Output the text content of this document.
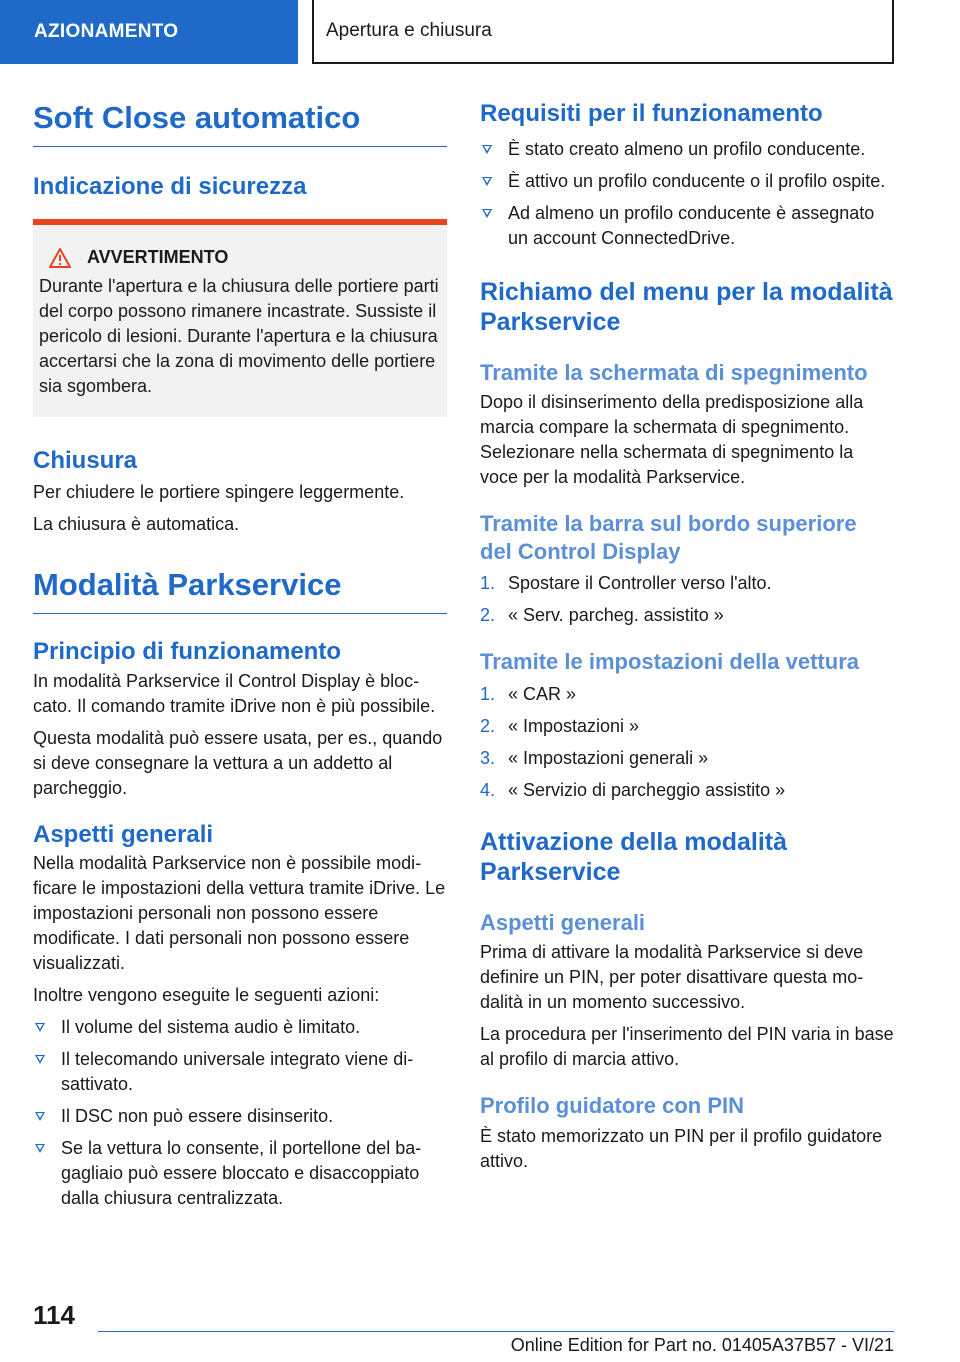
AZIONAMENTO	Apertura e chiusura
Soft Close automatico
Indicazione di sicurezza
AVVERTIMENTO

Durante l'apertura e la chiusura delle portiere parti del corpo possono rimanere incastrate. Sussiste il pericolo di lesioni. Durante l'apertura e la chiusura accertarsi che la zona di movimento delle portiere sia sgombera.

Chiusura

Per chiudere le portiere spingere leggermente.

La chiusura è automatica.

Modalità Parkservice
Principio di funzionamento

In modalità Parkservice il Control Display è bloccato. Il comando tramite iDrive non è più possibile.

Questa modalità può essere usata, per es., quando si deve consegnare la vettura a un addetto al parcheggio.

Aspetti generali

Nella modalità Parkservice non è possibile modificare le impostazioni della vettura tramite iDrive. Le impostazioni personali non possono essere modificate. I dati personali non possono essere visualizzati.

Inoltre vengono eseguite le seguenti azioni:

Il volume del sistema audio è limitato.
Il telecomando universale integrato viene disattivato.
Il DSC non può essere disinserito.
Se la vettura lo consente, il portellone del bagagliaio può essere bloccato e disaccoppiato dalla chiusura centralizzata.
Requisiti per il funzionamento
È stato creato almeno un profilo conducente.
È attivo un profilo conducente o il profilo ospite.
Ad almeno un profilo conducente è assegnato un account ConnectedDrive.
Richiamo del menu per la modalità Parkservice
Tramite la schermata di spegnimento

Dopo il disinserimento della predisposizione alla marcia compare la schermata di spegnimento. Selezionare nella schermata di spegnimento la voce per la modalità Parkservice.

Tramite la barra sul bordo superiore del Control Display
1. Spostare il Controller verso l'alto.
2. « Serv. parcheg. assistito »
Tramite le impostazioni della vettura
1. « CAR »
2. « Impostazioni »
3. « Impostazioni generali »
4. « Servizio di parcheggio assistito »
Attivazione della modalità Parkservice
Aspetti generali

Prima di attivare la modalità Parkservice si deve definire un PIN, per poter disattivare questa modalità in un momento successivo.

La procedura per l'inserimento del PIN varia in base al profilo di marcia attivo.

Profilo guidatore con PIN

È stato memorizzato un PIN per il profilo guidatore attivo.

114
Online Edition for Part no. 01405A37B57 - VI/21
